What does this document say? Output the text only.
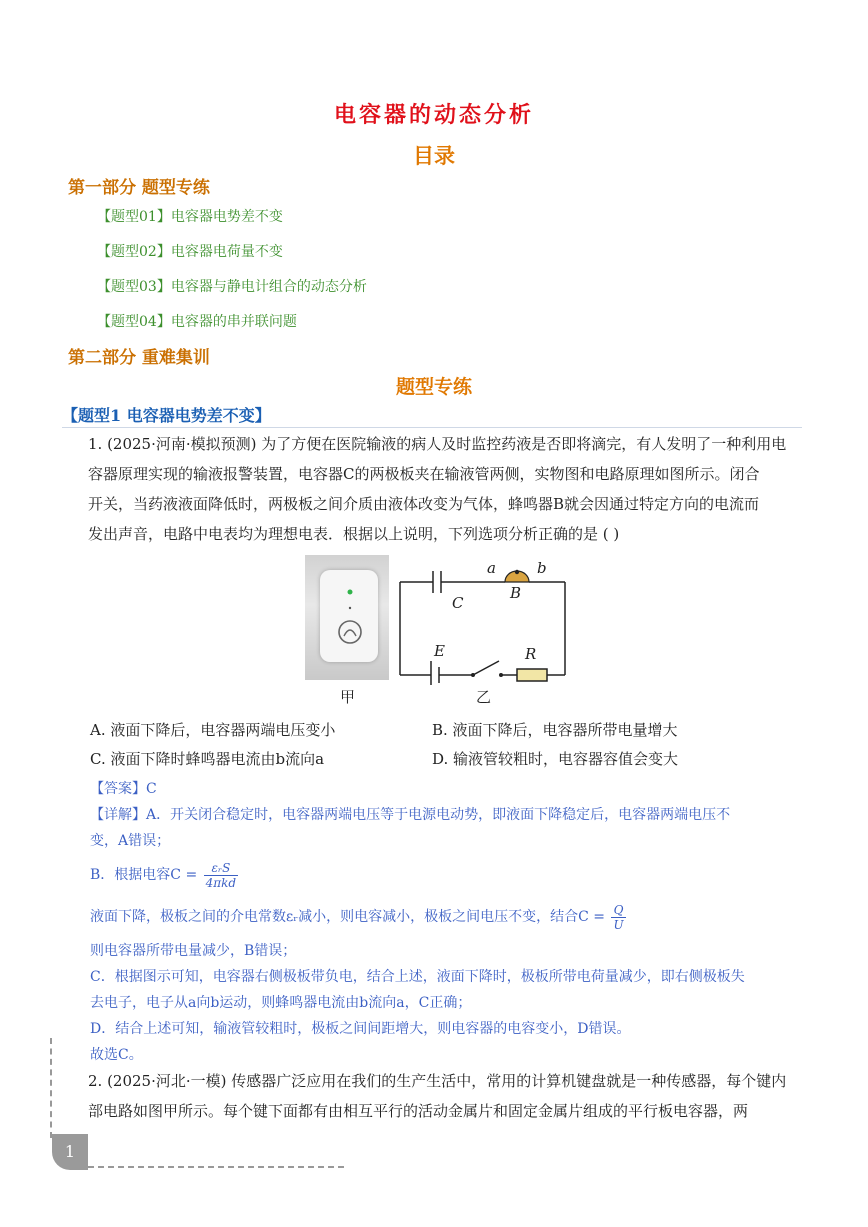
电容器的动态分析
目录
第一部分 题型专练
【题型01】电容器电势差不变
【题型02】电容器电荷量不变
【题型03】电容器与静电计组合的动态分析
【题型04】电容器的串并联问题
第二部分 重难集训
题型专练
【题型1 电容器电势差不变】
1. (2025·河南·模拟预测) 为了方便在医院输液的病人及时监控药液是否即将滴完，有人发明了一种利用电
容器原理实现的输液报警装置，电容器C的两极板夹在输液管两侧，实物图和电路原理如图所示。闭合
开关，当药液液面降低时，两极板之间介质由液体改变为气体，蜂鸣器B就会因通过特定方向的电流而
发出声音，电路中电表均为理想电表．根据以上说明，下列选项分析正确的是 ( )
甲
a	b
B
C
E	R
乙
A. 液面下降后，电容器两端电压变小	B. 液面下降后，电容器所带电量增大
C. 液面下降时蜂鸣器电流由b流向a	D. 输液管较粗时，电容器容值会变大
【答案】C
【详解】A．开关闭合稳定时，电容器两端电压等于电源电动势，即液面下降稳定后，电容器两端电压不
变，A错误；
B．根据电容$C = \frac{\text{εᵣS}}{\text{4πkd}}$
液面下降，极板之间的介电常数εᵣ减小，则电容减小，极板之间电压不变，结合$C = \frac{Q}{U}$
则电容器所带电量减少，B错误；
C．根据图示可知，电容器右侧极板带负电，结合上述，液面下降时，极板所带电荷量减少，即右侧极板失
去电子，电子从a向b运动，则蜂鸣器电流由b流向a，C正确；
D．结合上述可知，输液管较粗时，极板之间间距增大，则电容器的电容变小，D错误。
故选C。
2. (2025·河北·一模) 传感器广泛应用在我们的生产生活中，常用的计算机键盘就是一种传感器，每个键内
部电路如图甲所示。每个键下面都有由相互平行的活动金属片和固定金属片组成的平行板电容器，两
1
